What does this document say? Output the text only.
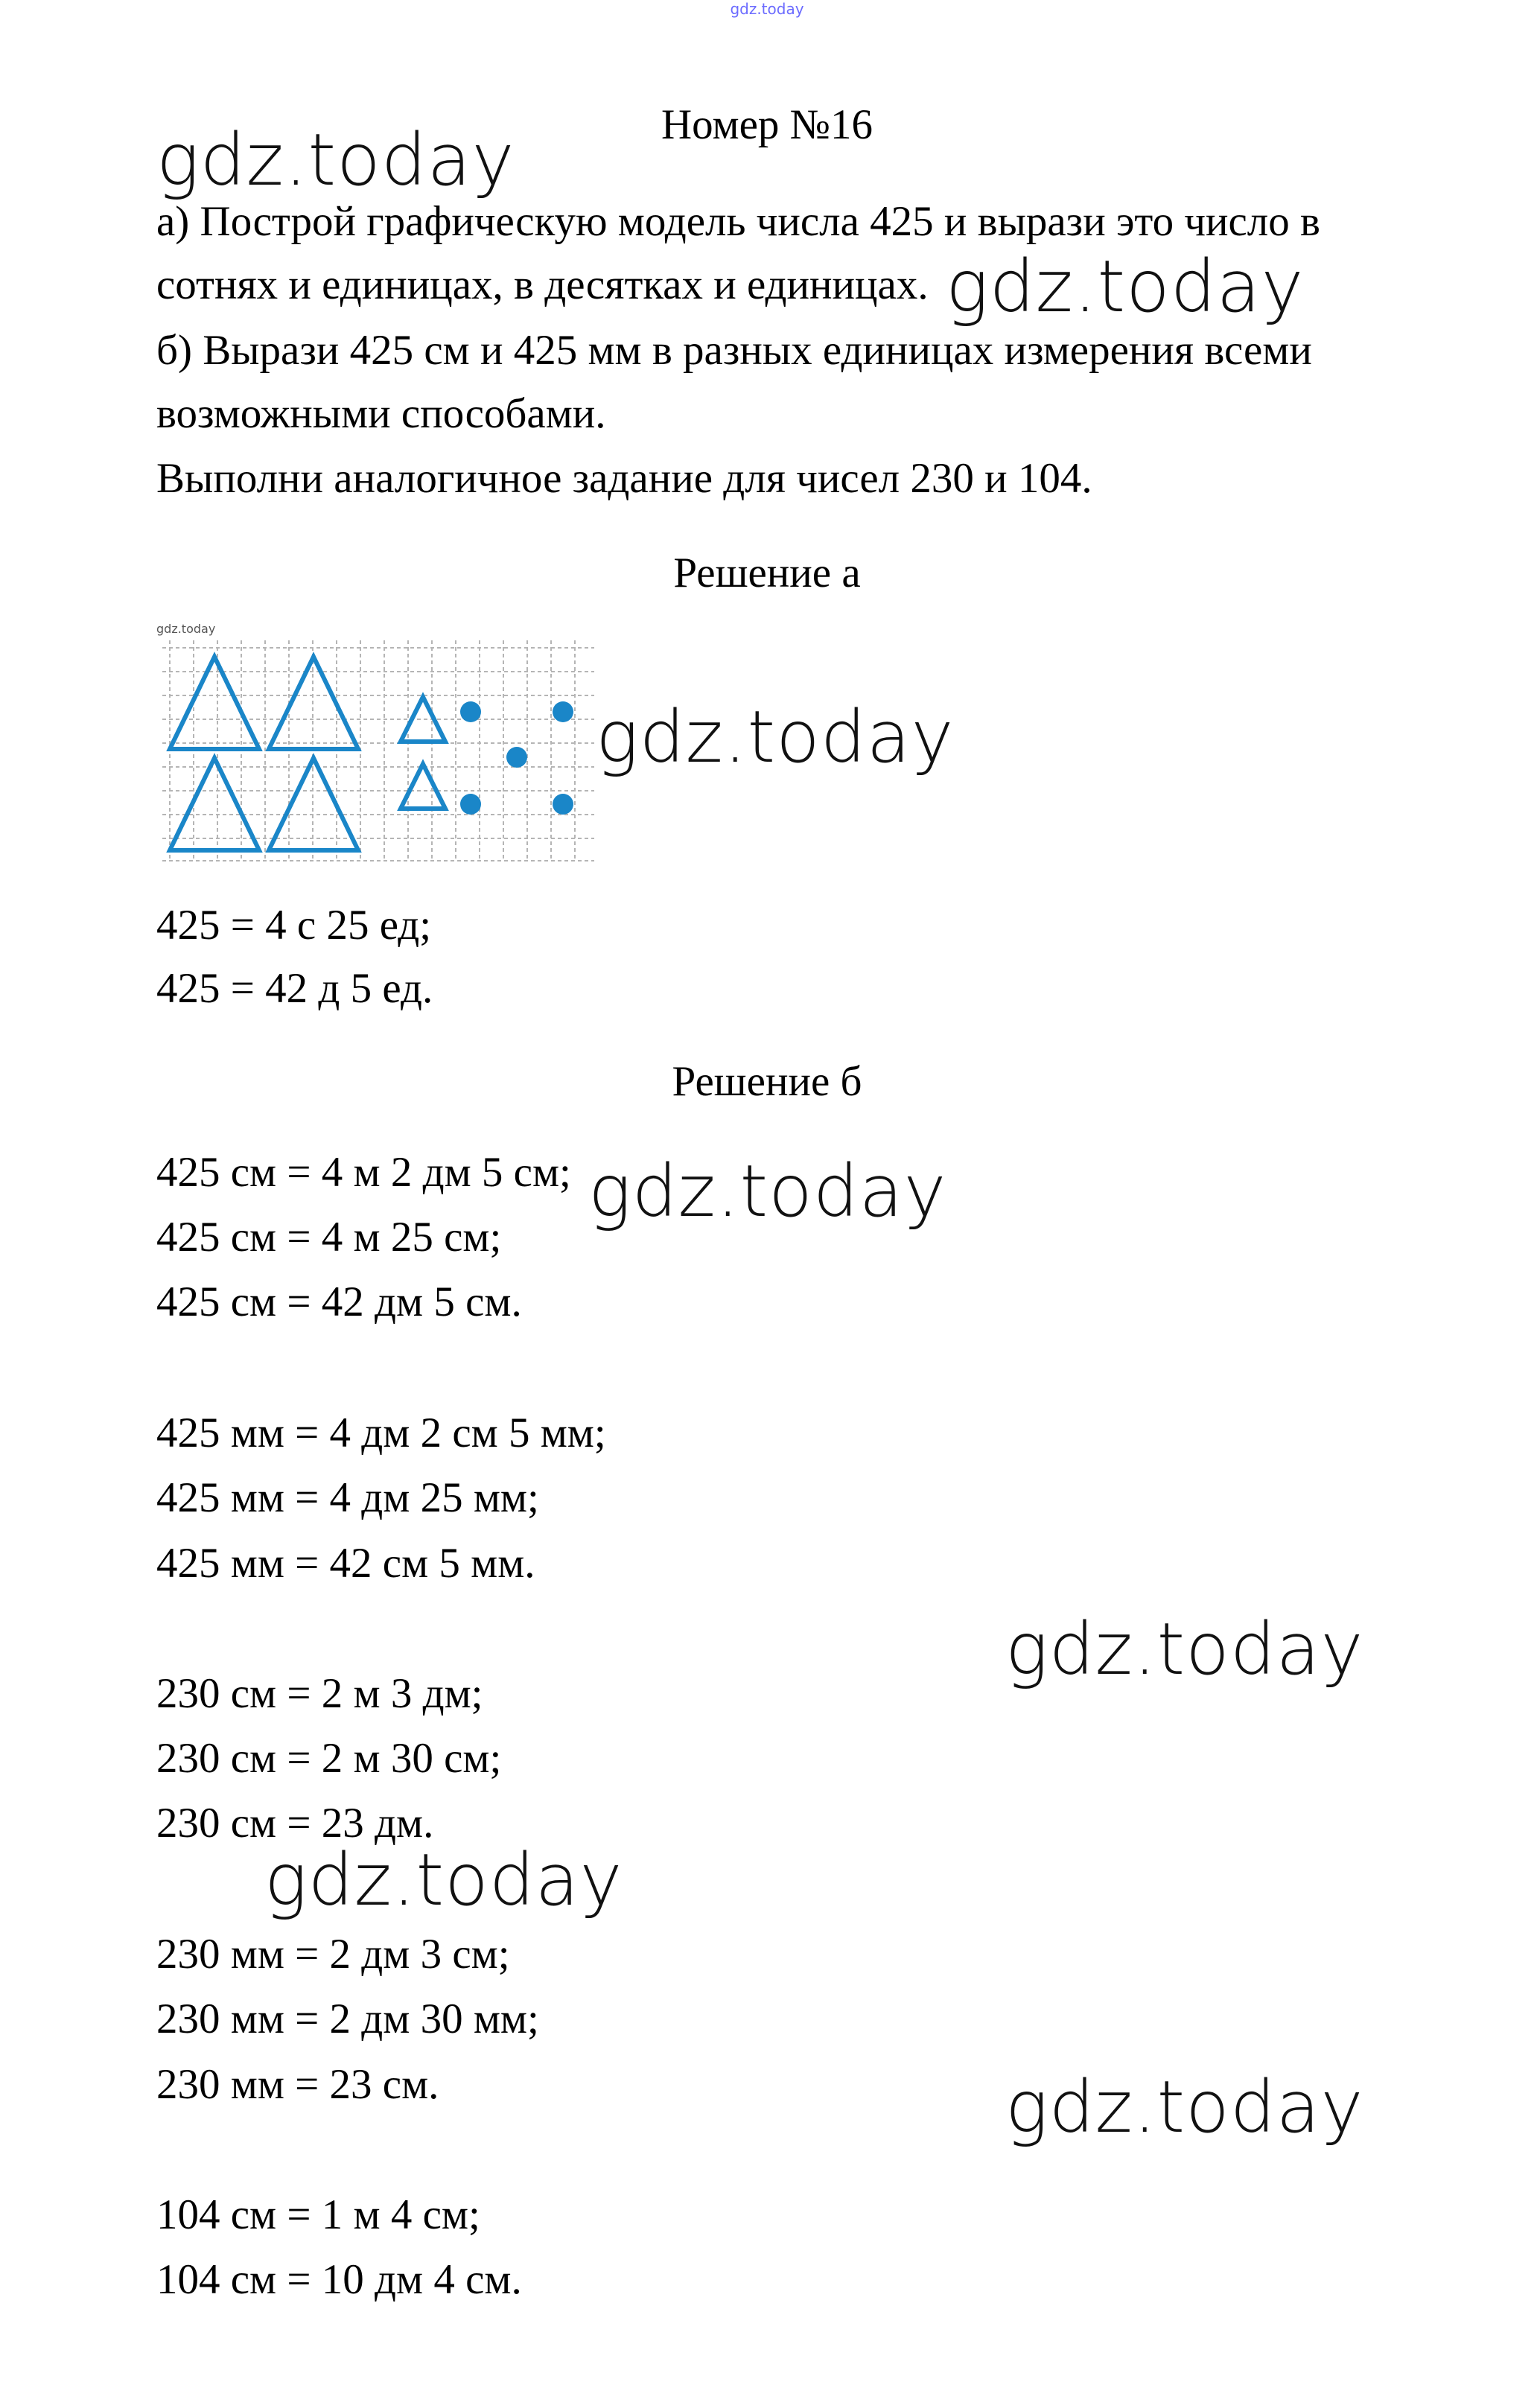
gdz.today
Номер №16
а) Построй графическую модель числа 425 и вырази это число в
сотнях и единицах, в десятках и единицах.
б) Вырази 425 см и 425 мм в разных единицах измерения всеми
возможными способами.
Выполни аналогичное задание для чисел 230 и 104.
Решение а
gdz.today
425 = 4 с 25 ед;
425 = 42 д 5 ед.
Решение б
425 см = 4 м 2 дм 5 см;
425 см = 4 м 25 см;
425 см = 42 дм 5 см.
425 мм = 4 дм 2 см 5 мм;
425 мм = 4 дм 25 мм;
425 мм = 42 см 5 мм.
230 см = 2 м 3 дм;
230 см = 2 м 30 см;
230 см = 23 дм.
230 мм = 2 дм 3 см;
230 мм = 2 дм 30 мм;
230 мм = 23 см.
104 см = 1 м 4 см;
104 см = 10 дм 4 см.
gdz.today
gdz.today
gdz.today
gdz.today
gdz.today
gdz.today
gdz.today
